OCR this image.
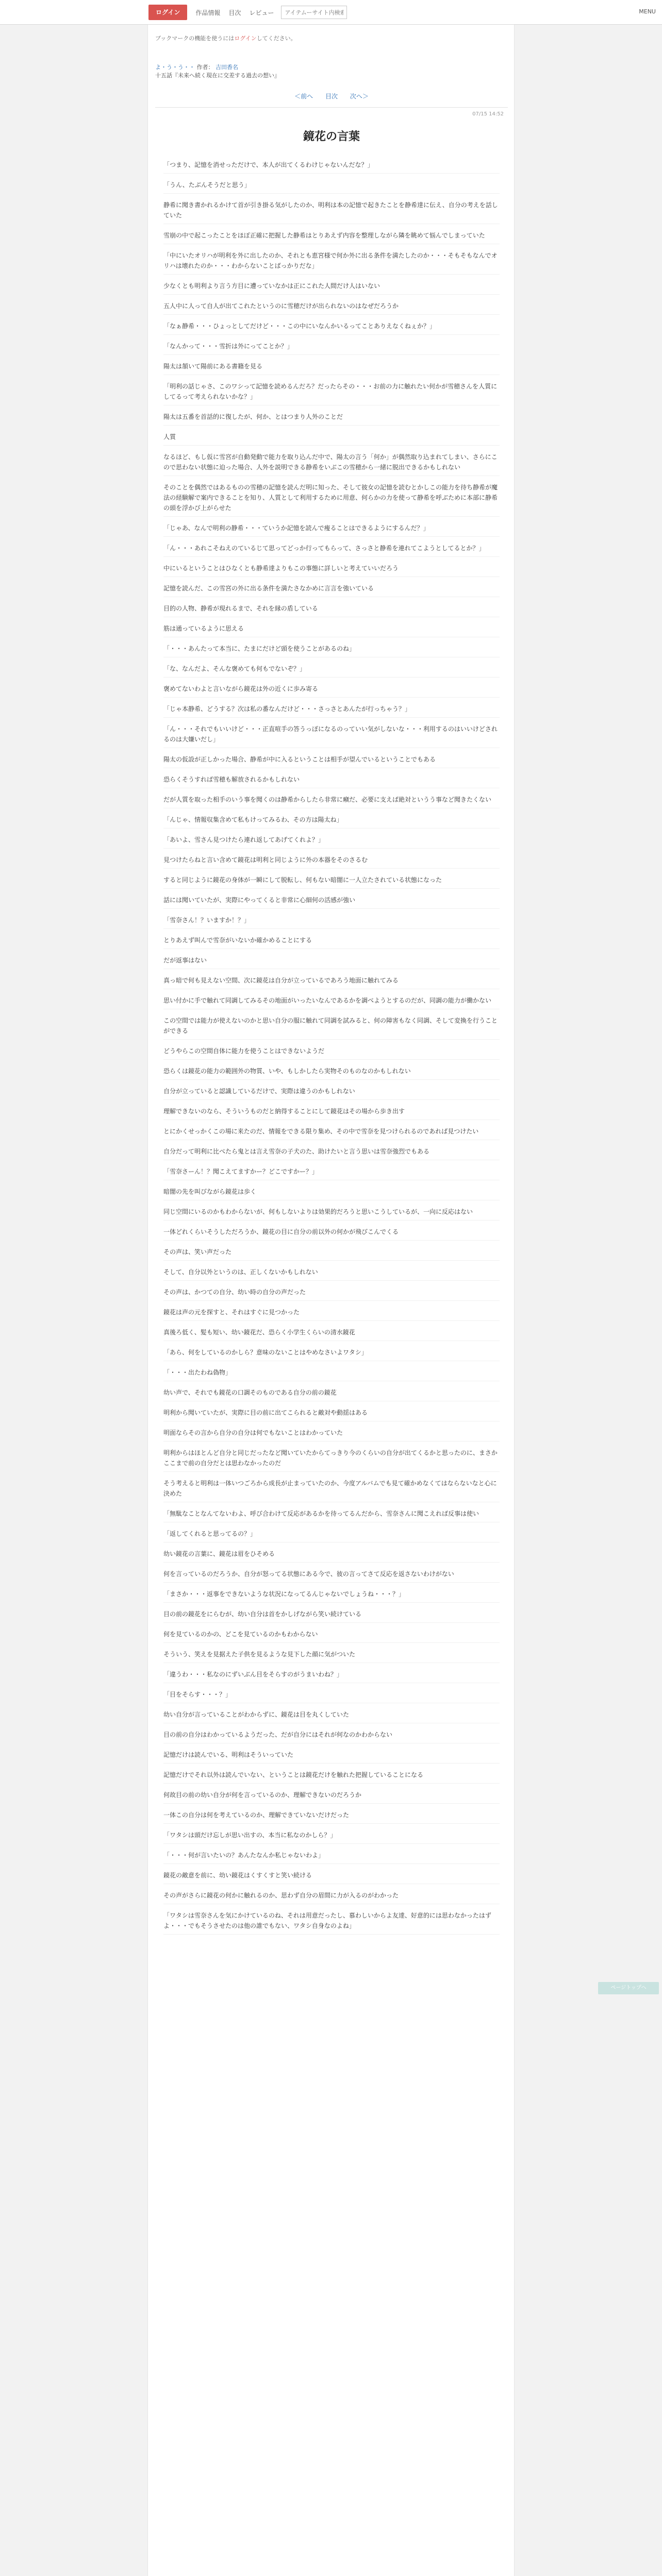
ログイン	作品情報 目次 レビュー
アイテムーサイト内検索	MENU
ブックマークの機能を使うにはログインしてください。
よ・う・う・・ 作者： 吉田香名
十五話『未来へ続く現在に交差する過去の想い』
＜前へ 目次 次へ＞
07/15 14:52
鏡花の言葉

「つまり、記憶を消せっただけで、本人が出てくるわけじゃないんだな？」

「うん、たぶんそうだと思う」

静希に聞き書かれるかけて首が引き掛る気がしたのか、明利は本の記憶で起きたことを静希達に伝え、自分の考えを話していた

雪崩の中で起こったことをほぼ正確に把握した静希はとりあえず内容を整理しながら隣を眺めて悩んでしまっていた

「中にいたオリハが明利を外に出したのか、それとも恵宮様で何か外に出る条件を満たしたのか・・・そもそもなんでオリハは壊れたのか・・・わからないことばっかりだな」

少なくとも明利より言う方目に遭っていなかは正にこれた人間だけ人はいない

五人中に人って自人が出てこれたというのに雪穂だけが出られないのはなぜだろうか

「なぁ静希・・・ひょっとしてだけど・・・この中にいなんかいるってことありえなくねぇか？」

「なんかって・・・雪折は外にってことか？」

陽太は頷いて陽前にある書籍を見る

「明利の話じゃさ、このワシって記憶を読めるんだろ？だったらその・・・お前の力に触れたい何かが雪穂さんを人質にしてるって考えられないかな？」

陽太は五番を首話的に復したが、何か、とはつまり人外のことだ

人質

なるほど、もし仮に雪宮が自動発動で能力を取り込んだ中で、陽太の言う「何か」が偶然取り込まれてしまい、さらにこので思わない状態に迫った場合、人外を説明できる静希をいぶこの雪穂から一緒に脱出できるかもしれない

そのことを偶然ではあるものの雪穂の記憶を読んだ明に知った、そして彼女の記憶を読むとかしこの能力を待ち静希が魔法の経験解で案内できることを知り、人質として利用するために用意、何らかの力を使って静希を呼ぶために本部に静希の頭を浮かび上がらせた

「じゃあ、なんで明利の静希・・・ていうか記憶を読んで痩ることはできるようにするんだ？」

「ん・・・あれこそねえのているじて思ってどっか行ってもらって、さっさと静希を連れてこようとしてるとか？」

中にいるということはひなくとも静希達よりもこの事態に詳しいと考えていいだろう

記憶を読んだ、この雪宮の外に出る条件を満たさなかめに言言を強いている

目的の人物、静希が現れるまで、それを縁の盾している

筋は通っているように思える

「・・・あんたって本当に、たまにだけど頭を使うことがあるのね」

「な、なんだよ、そんな褒めても何もでないぞ？」

褒めてないわよと言いながら鏡花は外の近くに歩み寄る

「じゃ本静希、どうする？次は私の番なんだけど・・・さっさとあんたが行っちゃう？」

「ん・・・それでもいいけど・・・正直喧手の答うっぽになるのっていい気がしないな・・・利用するのはいいけどされるのは大嫌いだし」

陽太の仮設が正しかった場合、静希が中に入るということは相手が望んでいるということでもある

恐らくそうすれば雪穂も解放されるかもしれない

だが人質を取った相手のいう事を聞くのは静希からしたら非常に癪だ、必要に支えば絶対というう事など聞きたくない

「んじゃ、情報収集含めて私もけってみるわ、その方は陽太ね」

「あいよ、雪さん見つけたら連れ返してあげてくれよ？」

見つけたらねと言い含めて鏡花は明利と同じように外の本器をそのさるむ

すると同じように鏡花の身体が一瞬にして脱転し、何もない暗闇に一人立たされている状態になった

話には聞いていたが、実際にやってくると非常に心細何の活感が強い

「雪奈さん！？いますか！？」

とりあえず叫んで雪奈がいないか確かめることにする

だが返事はない

真っ暗で何も見えない空間、次に鏡花は自分が立っているであろう地面に触れてみる

思い付かに手で触れて同調してみるその地面がいったいなんであるかを調べようとするのだが、同調の能力が働かない

この空間では能力が使えないのかと思い自分の服に触れて同調を試みると、何の障害もなく同調、そして変換を行うことができる

どうやらこの空間自体に能力を使うことはできないようだ

恐らくは鏡花の能力の範囲外の物質、いや、もしかしたら実物そのものなのかもしれない

自分が立っていると認識しているだけで、実際は違うのかもしれない

理解できないのなら、そういうものだと納得することにして鏡花はその場から歩き出す

とにかくせっかくこの場に来たのだ、情報をできる限り集め、その中で雪奈を見つけられるのであれば見つけたい

自分だって明利に比べたら鬼とは言え雪奈の子犬のた、助けたいと言う思いは雪奈強烈でもある

「雪奈さーん！？聞こえてますかー？どこですかー？」

暗闇の先を叫びながら鏡花は歩く

同じ空間にいるのかもわからないが、何もしないよりは効果的だろうと思いこうしているが、一向に反応はない

一体どれくらいそうしただろうか、鏡花の目に自分の前以外の何かが飛びこんでくる

その声は、笑い声だった

そして、自分以外というのは、正しくないかもしれない

その声は、かつての自分、幼い時の自分の声だった

鏡花は声の元を探すと、それはすぐに見つかった

真後ろ低く、髪も短い、幼い鏡花だ、恐らく小学生くらいの清水鏡花

「あら、何をしているのかしら？意味のないことはやめなさいよワタシ」

「・・・出たわね偽物」

幼い声で、それでも鏡花の口調そのものである自分の前の鏡花

明利から聞いていたが、実際に目の前に出てこられると敵対や動揺はある

明面ならその言から自分の自分は何でもないことはわかっていた

明利からはほとんど自分と同じだったなど聞いていたからてっきり今のくらいの自分が出てくるかと思ったのに、まさかここまで前の自分だとは思わなかったのだ

そう考えると明利は一体いつごろから成長が止まっていたのか、今度アルバムでも見て確かめなくてはならないなと心に決めた

「無駄なことなんてないわよ、呼び合わけて反応があるかを待ってるんだから、雪奈さんに聞こえれば反事は使い

「返してくれると思ってるの？」

幼い鏡花の言葉に、鏡花は眉をひそめる

何を言っているのだろうか、自分が怒ってる状態にある今で、彼の言ってさて反応を返さないわけがない

「まさか・・・返事をできないような状況になってるんじゃないでしょうね・・・？」

目の前の鏡花をにらむが、幼い自分は首をかしげながら笑い続けている

何を見ているのかの、どこを見ているのかもわからない

そういう、笑えを見据えた子供を見るような見下した顔に気がついた

「違うわ・・・私なのにずいぶん目をそらすのがうまいわね？」

「目をそらす・・・？」

幼い自分が言っていることがわからずに、鏡花は目を丸くしていた

目の前の自分はわかっているようだった、だが自分にはそれが何なのかわからない

記憶だけは読んでいる、明利はそういっていた

記憶だけでそれ以外は読んでいない、ということは鏡花だけを触れた把握していることになる

何故目の前の幼い自分が何を言っているのか、理解できないのだろうか

一体この自分は何を考えているのか、理解できていないだけだった

「ワタシは頭だけ忘しが思い出すの、本当に私なのかしら？」

「・・・何が言いたいの？あんたなんか私じゃないわよ」

鏡花の敵意を前に、幼い鏡花はくすくすと笑い続ける

その声がさらに鏡花の何かに触れるのか、思わず自分の眉間に力が入るのがわかった

「ワタシは雪奈さんを気にかけているのね、それは用意だったし、慕わしいからよ友達、好意的には思わなかったはずよ・・・でもそうさせたのは他の誰でもない、ワタシ自身なのよね」

ページトップへ
